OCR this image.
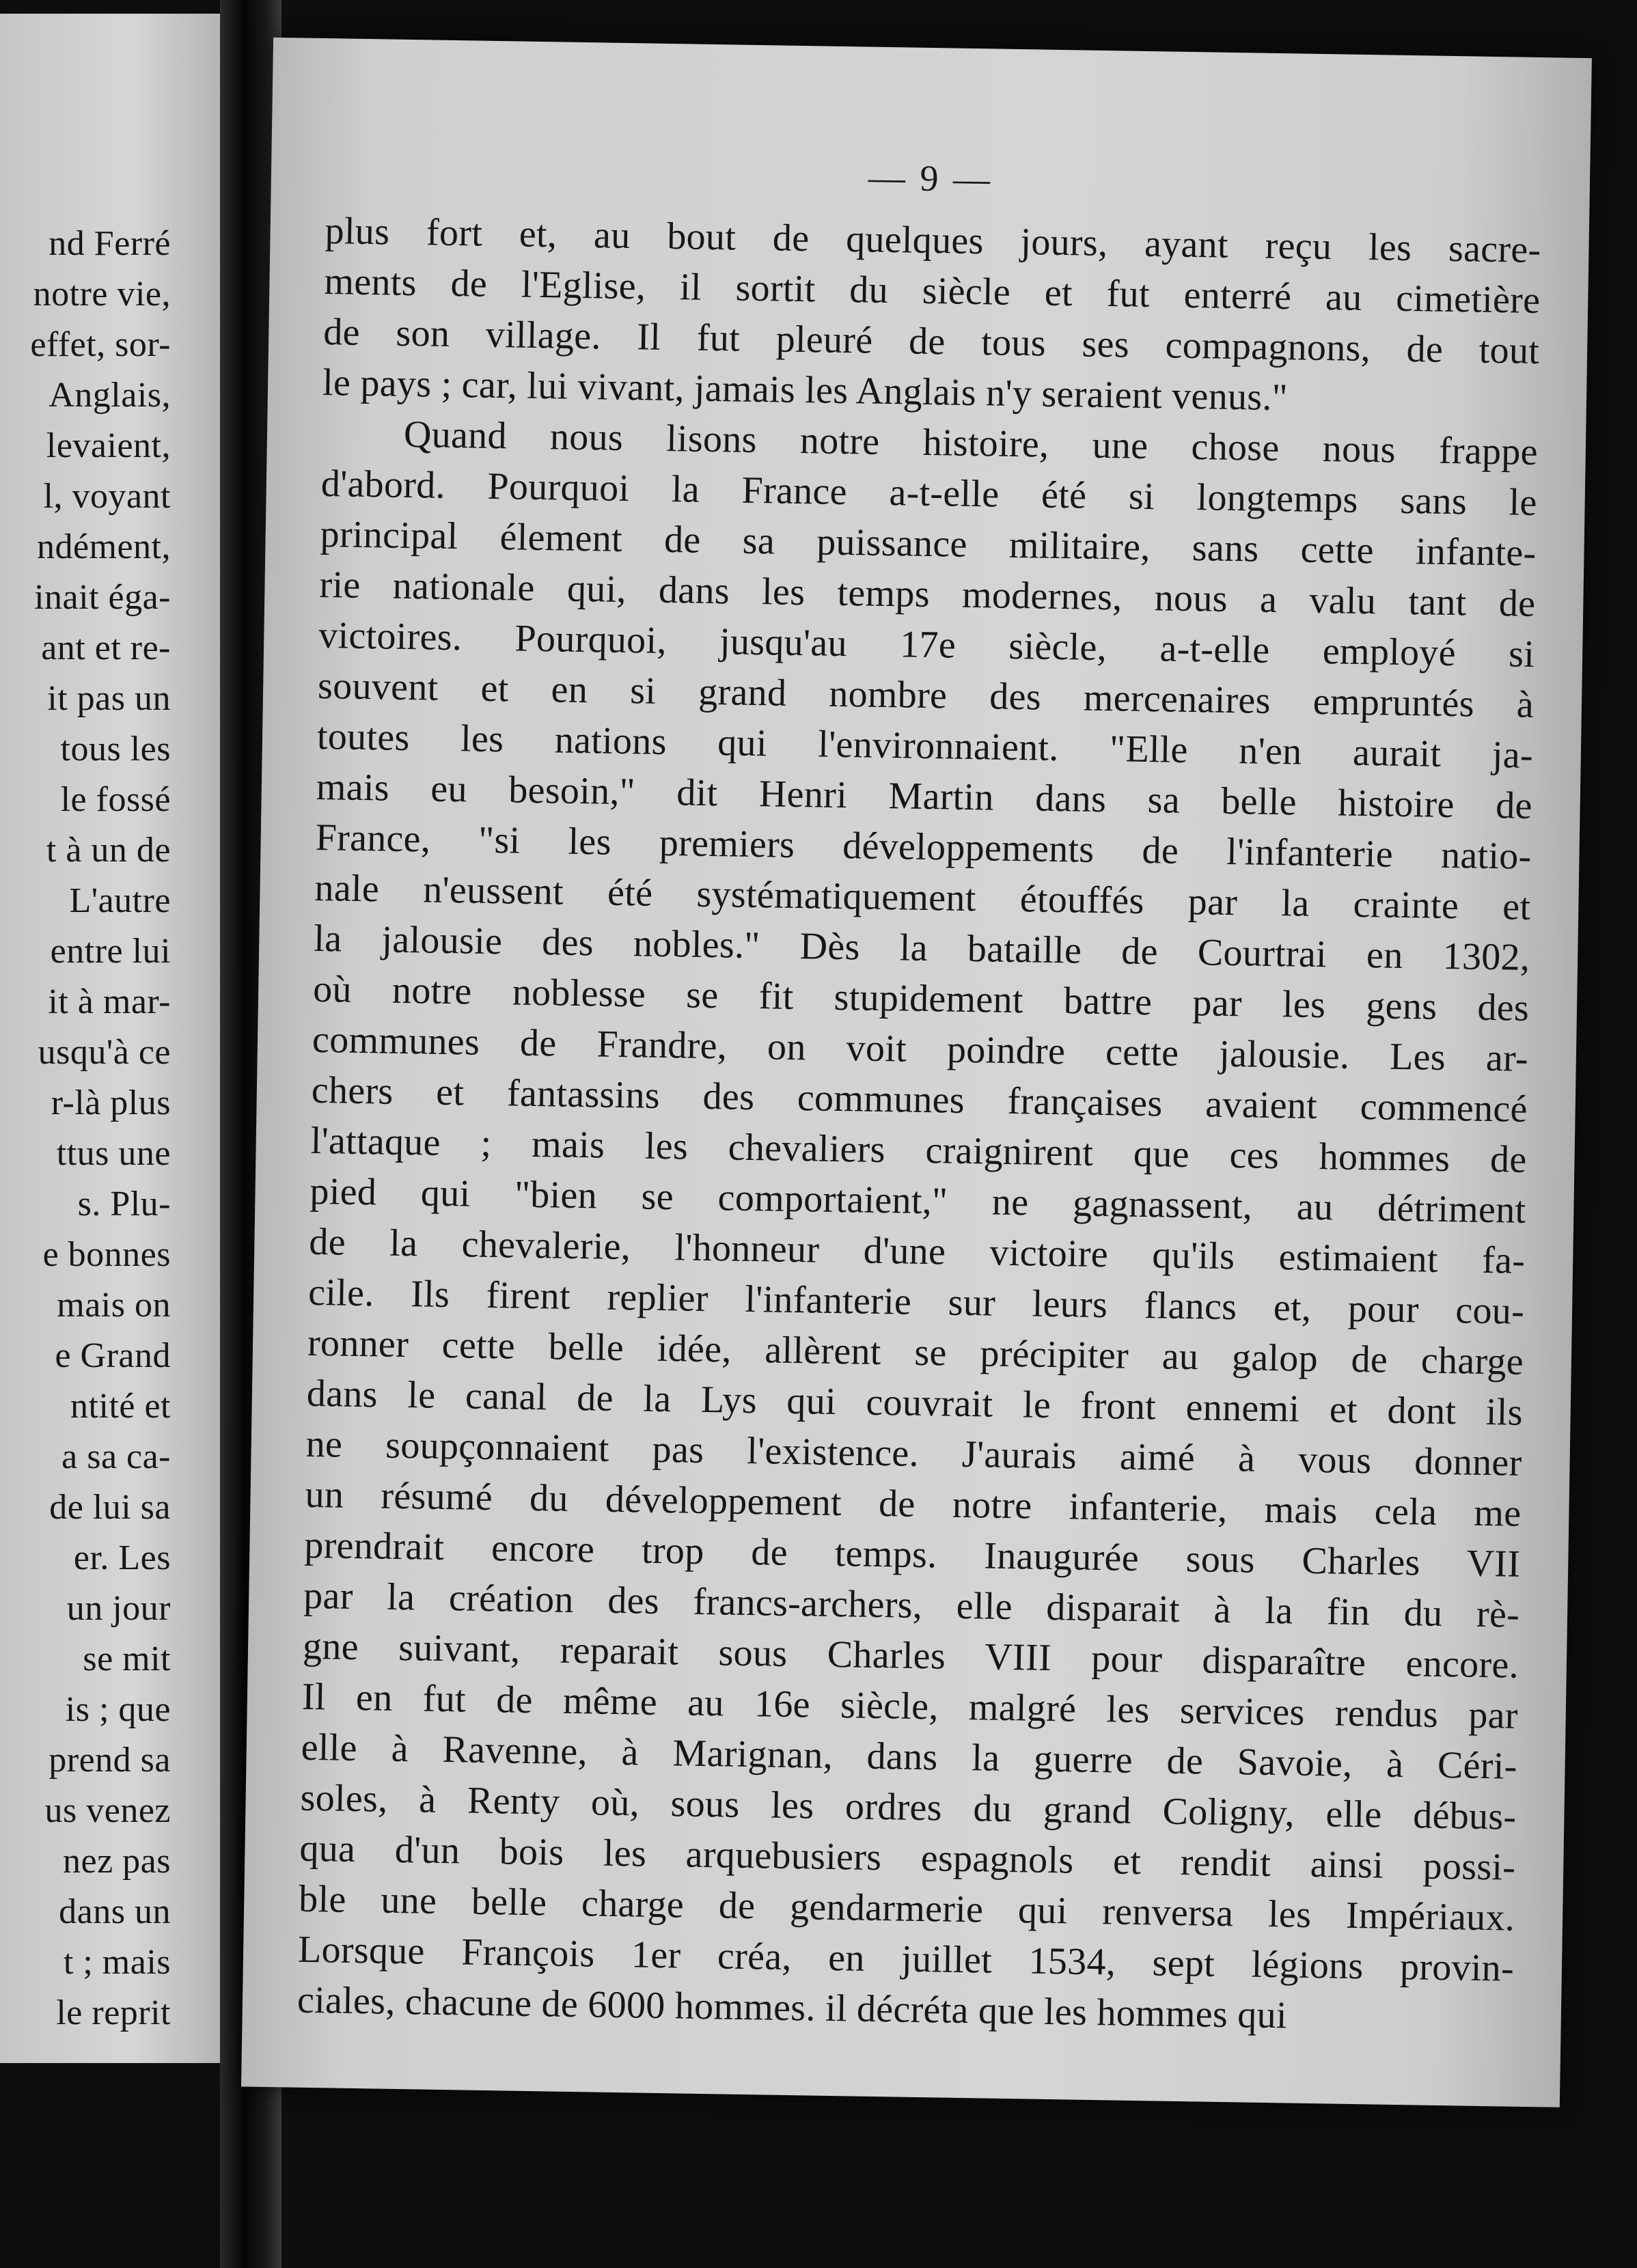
nd Ferré
notre vie,
effet, sor-
Anglais,
levaient,
l, voyant
ndément,
inait éga-
ant et re-
it pas un
tous les
le fossé
t à un de
L'autre
entre lui
it à mar-
usqu'à ce
r-là plus
ttus une
s. Plu-
e bonnes
mais on
e Grand
ntité et
a sa ca-
de lui sa
er. Les
un jour
se mit
is ; que
prend sa
us venez
nez pas
dans un
t ; mais
le reprit
— 9 —
plus fort et, au bout de quelques jours, ayant reçu les sacre-
ments de l'Eglise, il sortit du siècle et fut enterré au cimetière
de son village. Il fut pleuré de tous ses compagnons, de tout
le pays ; car, lui vivant, jamais les Anglais n'y seraient venus."
Quand nous lisons notre histoire, une chose nous frappe
d'abord. Pourquoi la France a-t-elle été si longtemps sans le
principal élement de sa puissance militaire, sans cette infante-
rie nationale qui, dans les temps modernes, nous a valu tant de
victoires. Pourquoi, jusqu'au 17e siècle, a-t-elle employé si
souvent et en si grand nombre des mercenaires empruntés à
toutes les nations qui l'environnaient. "Elle n'en aurait ja-
mais eu besoin," dit Henri Martin dans sa belle histoire de
France, "si les premiers développements de l'infanterie natio-
nale n'eussent été systématiquement étouffés par la crainte et
la jalousie des nobles." Dès la bataille de Courtrai en 1302,
où notre noblesse se fit stupidement battre par les gens des
communes de Frandre, on voit poindre cette jalousie. Les ar-
chers et fantassins des communes françaises avaient commencé
l'attaque ; mais les chevaliers craignirent que ces hommes de
pied qui "bien se comportaient," ne gagnassent, au détriment
de la chevalerie, l'honneur d'une victoire qu'ils estimaient fa-
cile. Ils firent replier l'infanterie sur leurs flancs et, pour cou-
ronner cette belle idée, allèrent se précipiter au galop de charge
dans le canal de la Lys qui couvrait le front ennemi et dont ils
ne soupçonnaient pas l'existence. J'aurais aimé à vous donner
un résumé du développement de notre infanterie, mais cela me
prendrait encore trop de temps. Inaugurée sous Charles VII
par la création des francs-archers, elle disparait à la fin du rè-
gne suivant, reparait sous Charles VIII pour disparaître encore.
Il en fut de même au 16e siècle, malgré les services rendus par
elle à Ravenne, à Marignan, dans la guerre de Savoie, à Céri-
soles, à Renty où, sous les ordres du grand Coligny, elle débus-
qua d'un bois les arquebusiers espagnols et rendit ainsi possi-
ble une belle charge de gendarmerie qui renversa les Impériaux.
Lorsque François 1er créa, en juillet 1534, sept légions provin-
ciales, chacune de 6000 hommes. il décréta que les hommes qui
